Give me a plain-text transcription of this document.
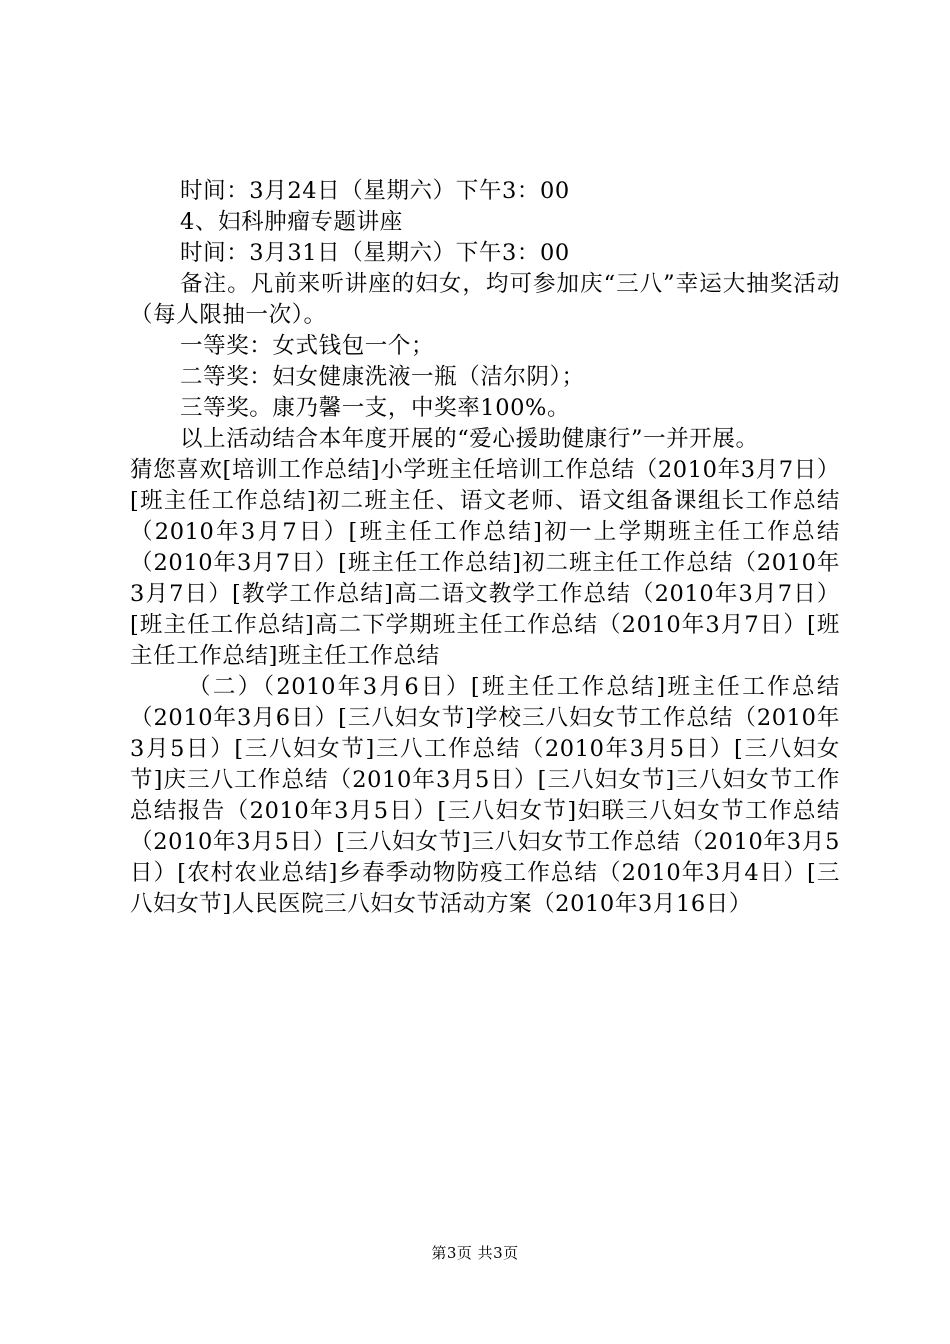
时间：3月24日（星期六）下午3：00

4、妇科肿瘤专题讲座

时间：3月31日（星期六）下午3：00

备注。凡前来听讲座的妇女，均可参加庆“三八”幸运大抽奖活动（每人限抽一次）。

一等奖：女式钱包一个；

二等奖：妇女健康洗液一瓶（洁尔阴）；

三等奖。康乃馨一支，中奖率100%。

以上活动结合本年度开展的“爱心援助健康行”一并开展。

猜您喜欢[培训工作总结]小学班主任培训工作总结（2010年3月7日）[班主任工作总结]初二班主任、语文老师、语文组备课组长工作总结（2010年3月7日）[班主任工作总结]初一上学期班主任工作总结（2010年3月7日）[班主任工作总结]初二班主任工作总结（2010年3月7日）[教学工作总结]高二语文教学工作总结（2010年3月7日）[班主任工作总结]高二下学期班主任工作总结（2010年3月7日）[班主任工作总结]班主任工作总结

（二）（2010年3月6日）[班主任工作总结]班主任工作总结（2010年3月6日）[三八妇女节]学校三八妇女节工作总结（2010年3月5日）[三八妇女节]三八工作总结（2010年3月5日）[三八妇女节]庆三八工作总结（2010年3月5日）[三八妇女节]三八妇女节工作总结报告（2010年3月5日）[三八妇女节]妇联三八妇女节工作总结（2010年3月5日）[三八妇女节]三八妇女节工作总结（2010年3月5日）[农村农业总结]乡春季动物防疫工作总结（2010年3月4日）[三八妇女节]人民医院三八妇女节活动方案（2010年3月16日）

第3页 共3页
